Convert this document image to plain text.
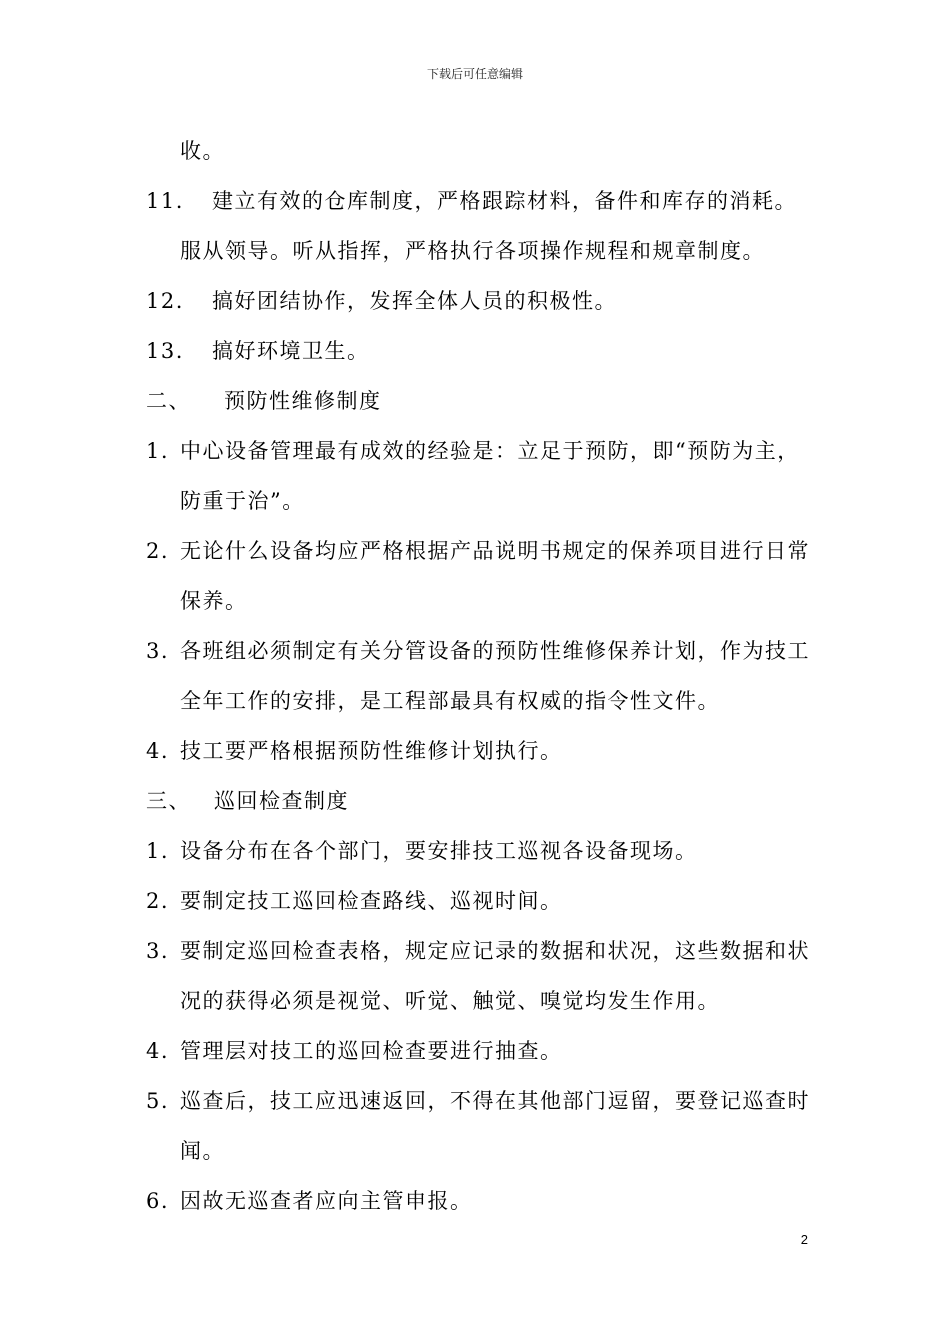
下载后可任意编辑
收。
11. 建立有效的仓库制度，严格跟踪材料，备件和库存的消耗。
服从领导。听从指挥，严格执行各项操作规程和规章制度。
12. 搞好团结协作，发挥全体人员的积极性。
13. 搞好环境卫生。
二、 预防性维修制度
1. 中心设备管理最有成效的经验是：立足于预防，即“预防为主，
防重于治”。
2. 无论什么设备均应严格根据产品说明书规定的保养项目进行日常
保养。
3. 各班组必须制定有关分管设备的预防性维修保养计划，作为技工
全年工作的安排，是工程部最具有权威的指令性文件。
4. 技工要严格根据预防性维修计划执行。
三、 巡回检查制度
1. 设备分布在各个部门，要安排技工巡视各设备现场。
2. 要制定技工巡回检查路线、巡视时间。
3. 要制定巡回检查表格，规定应记录的数据和状况，这些数据和状
况的获得必须是视觉、听觉、触觉、嗅觉均发生作用。
4. 管理层对技工的巡回检查要进行抽查。
5. 巡查后，技工应迅速返回，不得在其他部门逗留，要登记巡查时
闻。
6. 因故无巡查者应向主管申报。
2
